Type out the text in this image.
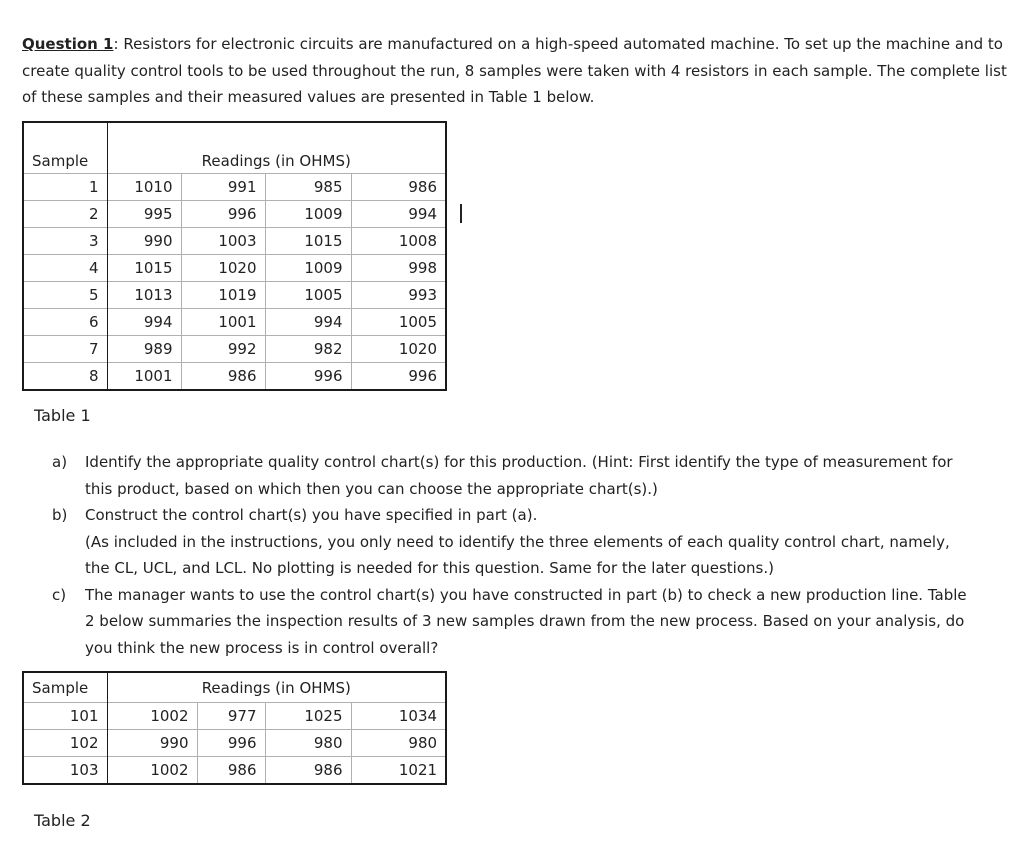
Question 1: Resistors for electronic circuits are manufactured on a high-speed automated machine. To set up the machine and to create quality control tools to be used throughout the run, 8 samples were taken with 4 resistors in each sample. The complete list of these samples and their measured values are presented in Table 1 below.

Sample	Readings (in OHMS)			
1	1010	991	985	986
2	995	996	1009	994
3	990	1003	1015	1008
4	1015	1020	1009	998
5	1013	1019	1005	993
6	994	1001	994	1005
7	989	992	982	1020
8	1001	986	996	996

Table 1

a) Identify the appropriate quality control chart(s) for this production. (Hint: First identify the type of measurement for this product, based on which then you can choose the appropriate chart(s).)
b) Construct the control chart(s) you have specified in part (a).
(As included in the instructions, you only need to identify the three elements of each quality control chart, namely, the CL, UCL, and LCL. No plotting is needed for this question. Same for the later questions.)
c) The manager wants to use the control chart(s) you have constructed in part (b) to check a new production line. Table 2 below summaries the inspection results of 3 new samples drawn from the new process. Based on your analysis, do you think the new process is in control overall?
Sample	Readings (in OHMS)			
101	1002	977	1025	1034
102	990	996	980	980
103	1002	986	986	1021

Table 2
